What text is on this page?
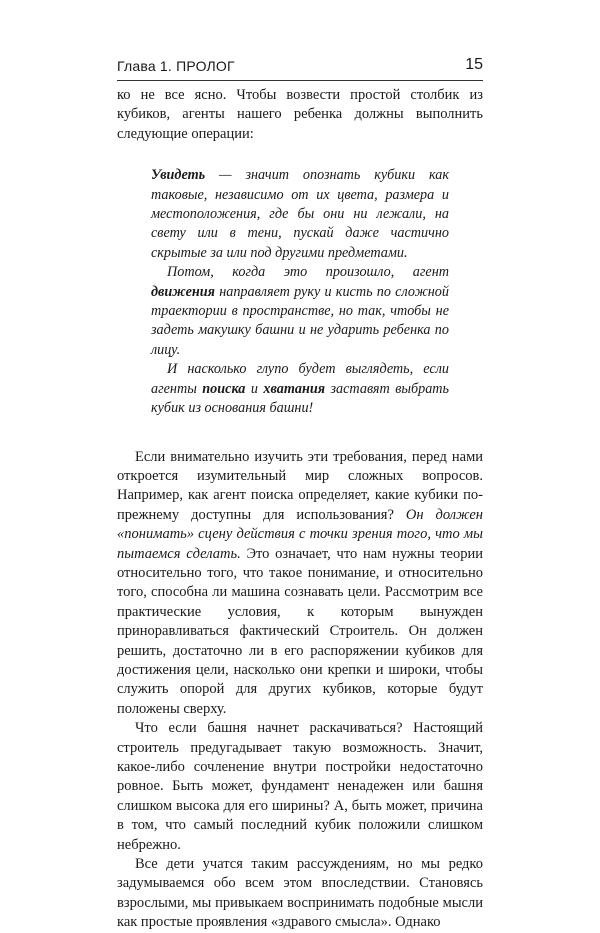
Глава 1. ПРОЛОГ	15

ко не все ясно. Чтобы возвести простой столбик из кубиков, агенты нашего ребенка должны выполнить следующие операции:

Увидеть — значит опознать кубики как таковые, независимо от их цвета, размера и местоположения, где бы они ни лежали, на свету или в тени, пускай даже частично скрытые за или под другими предметами.

Потом, когда это произошло, агент движения направляет руку и кисть по сложной траектории в пространстве, но так, чтобы не задеть макушку башни и не ударить ребенка по лицу.

И насколько глупо будет выглядеть, если агенты поиска и хватания заставят выбрать кубик из основания башни!

Если внимательно изучить эти требования, перед нами откроется изумительный мир сложных вопросов. Например, как агент поиска определяет, какие кубики по-прежнему доступны для использования? Он должен «понимать» сцену действия с точки зрения того, что мы пытаемся сделать. Это означает, что нам нужны теории относительно того, что такое понимание, и относительно того, способна ли машина сознавать цели. Рассмотрим все практические условия, к которым вынужден приноравливаться фактический Строитель. Он должен решить, достаточно ли в его распоряжении кубиков для достижения цели, насколько они крепки и широки, чтобы служить опорой для других кубиков, которые будут положены сверху.

Что если башня начнет раскачиваться? Настоящий строитель предугадывает такую возможность. Значит, какое-либо сочленение внутри постройки недостаточно ровное. Быть может, фундамент ненадежен или башня слишком высока для его ширины? А, быть может, причина в том, что самый последний кубик положили слишком небрежно.

Все дети учатся таким рассуждениям, но мы редко задумываемся обо всем этом впоследствии. Становясь взрослыми, мы привыкаем воспринимать подобные мысли как простые проявления «здравого смысла». Однако
